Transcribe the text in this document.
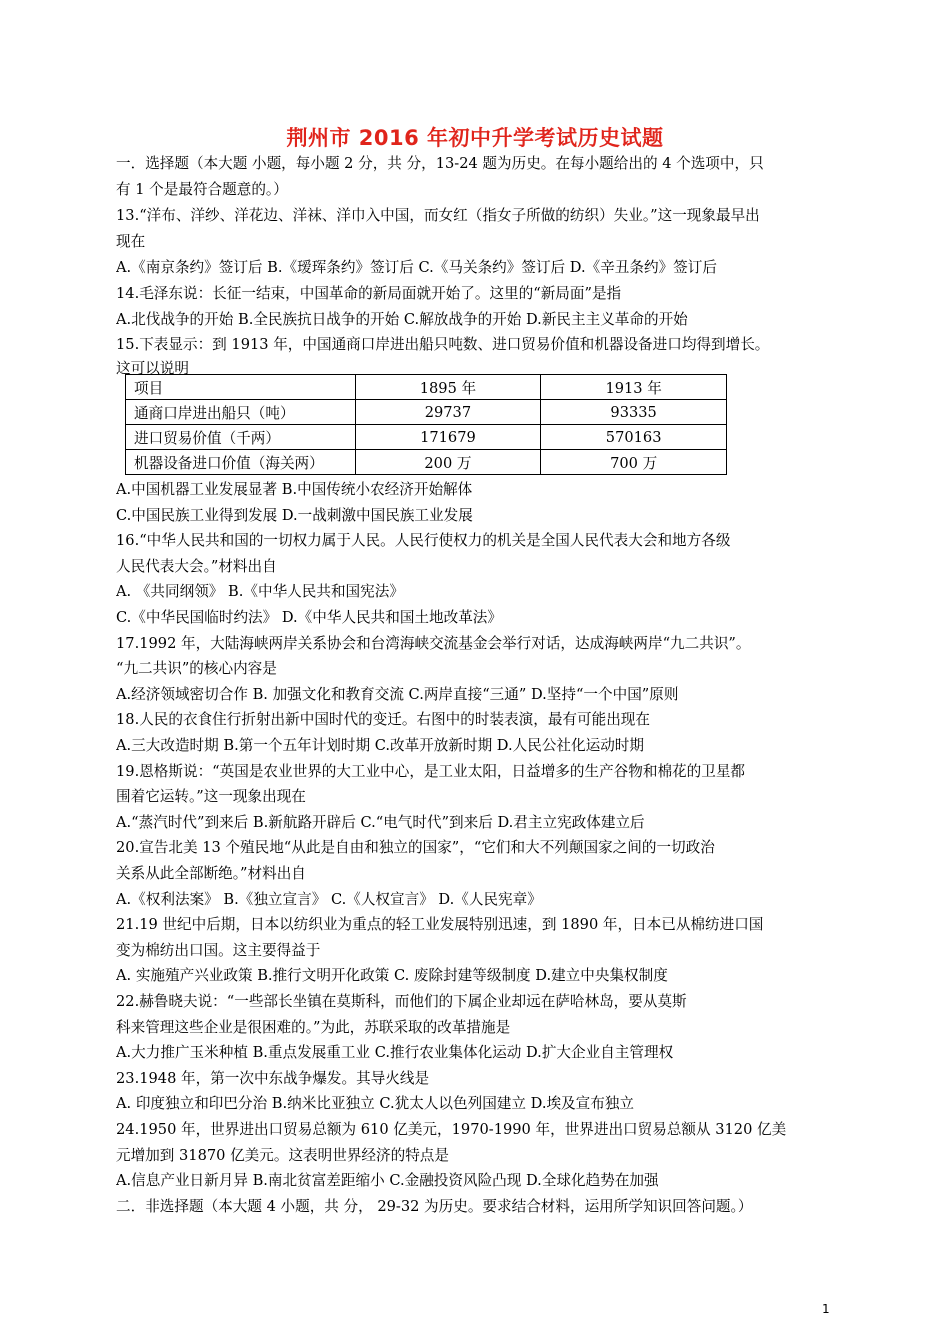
荆州市 2016 年初中升学考试历史试题
一．选择题（本大题 小题，每小题 2 分，共 分，13-24 题为历史。在每小题给出的 4 个选项中，只
有 1 个是最符合题意的。）
13.“洋布、洋纱、洋花边、洋袜、洋巾入中国，而女红（指女子所做的纺织）失业。”这一现象最早出
现在
A.《南京条约》签订后 B.《瑷珲条约》签订后 C.《马关条约》签订后 D.《辛丑条约》签订后
14.毛泽东说：长征一结束，中国革命的新局面就开始了。这里的“新局面”是指
A.北伐战争的开始 B.全民族抗日战争的开始 C.解放战争的开始 D.新民主主义革命的开始
15.下表显示：到 1913 年，中国通商口岸进出船只吨数、进口贸易价值和机器设备进口均得到增长。
这可以说明
项目	1895 年	1913 年
通商口岸进出船只（吨）	29737	93335
进口贸易价值（千两）	171679	570163
机器设备进口价值（海关两）	200 万	700 万
A.中国机器工业发展显著 B.中国传统小农经济开始解体
C.中国民族工业得到发展 D.一战刺激中国民族工业发展
16.“中华人民共和国的一切权力属于人民。人民行使权力的机关是全国人民代表大会和地方各级
人民代表大会。”材料出自
A. 《共同纲领》 B.《中华人民共和国宪法》
C.《中华民国临时约法》 D.《中华人民共和国土地改革法》
17.1992 年，大陆海峡两岸关系协会和台湾海峡交流基金会举行对话，达成海峡两岸“九二共识”。
“九二共识”的核心内容是
A.经济领域密切合作 B. 加强文化和教育交流 C.两岸直接“三通” D.坚持“一个中国”原则
18.人民的衣食住行折射出新中国时代的变迁。右图中的时装表演，最有可能出现在
A.三大改造时期 B.第一个五年计划时期 C.改革开放新时期 D.人民公社化运动时期
19.恩格斯说：“英国是农业世界的大工业中心，是工业太阳，日益增多的生产谷物和棉花的卫星都
围着它运转。”这一现象出现在
A.“蒸汽时代”到来后 B.新航路开辟后 C.“电气时代”到来后 D.君主立宪政体建立后
20.宣告北美 13 个殖民地“从此是自由和独立的国家”，“它们和大不列颠国家之间的一切政治
关系从此全部断绝。”材料出自
A.《权利法案》 B.《独立宣言》 C.《人权宣言》 D.《人民宪章》
21.19 世纪中后期，日本以纺织业为重点的轻工业发展特别迅速，到 1890 年，日本已从棉纺进口国
变为棉纺出口国。这主要得益于
A. 实施殖产兴业政策 B.推行文明开化政策 C. 废除封建等级制度 D.建立中央集权制度
22.赫鲁晓夫说：“一些部长坐镇在莫斯科，而他们的下属企业却远在萨哈林岛，要从莫斯
科来管理这些企业是很困难的。”为此，苏联采取的改革措施是
A.大力推广玉米种植 B.重点发展重工业 C.推行农业集体化运动 D.扩大企业自主管理权
23.1948 年，第一次中东战争爆发。其导火线是
A. 印度独立和印巴分治 B.纳米比亚独立 C.犹太人以色列国建立 D.埃及宣布独立
24.1950 年，世界进出口贸易总额为 610 亿美元，1970-1990 年，世界进出口贸易总额从 3120 亿美
元增加到 31870 亿美元。这表明世界经济的特点是
A.信息产业日新月异 B.南北贫富差距缩小 C.金融投资风险凸现 D.全球化趋势在加强
二．非选择题（本大题 4 小题，共 分， 29-32 为历史。要求结合材料，运用所学知识回答问题。）
1
